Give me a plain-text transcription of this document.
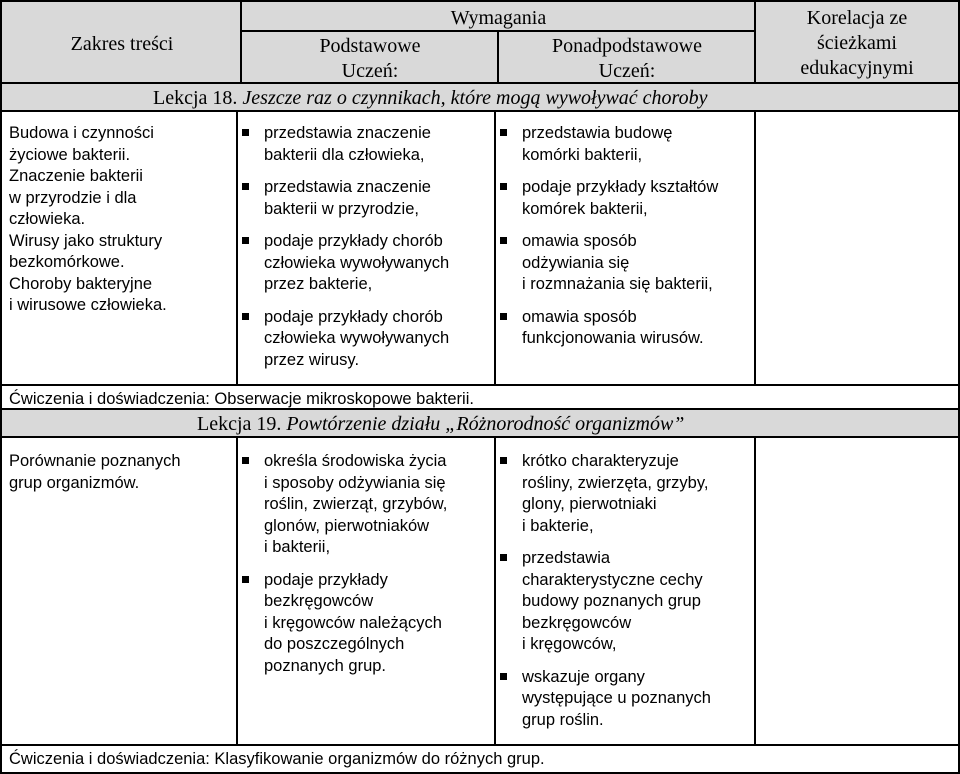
Zakres treści
Wymagania
Podstawowe
Uczeń:
Ponadpodstawowe
Uczeń:
Korelacja ze
ścieżkami
edukacyjnymi
Lekcja 18. Jeszcze raz o czynnikach, które mogą wywoływać choroby
Lekcja 19. Powtórzenie działu „Różnorodność organizmów”
Budowa i czynności
życiowe bakterii.
Znaczenie bakterii
w przyrodzie i dla
człowieka.
Wirusy jako struktury
bezkomórkowe.
Choroby bakteryjne
i wirusowe człowieka.
przedstawia znaczenie
bakterii dla człowieka,
przedstawia znaczenie
bakterii w przyrodzie,
podaje przykłady chorób
człowieka wywoływanych
przez bakterie,
podaje przykłady chorób
człowieka wywoływanych
przez wirusy.
przedstawia budowę
komórki bakterii,
podaje przykłady kształtów
komórek bakterii,
omawia sposób
odżywiania się
i rozmnażania się bakterii,
omawia sposób
funkcjonowania wirusów.
Ćwiczenia i doświadczenia: Obserwacje mikroskopowe bakterii.
Porównanie poznanych
grup organizmów.
określa środowiska życia
i sposoby odżywiania się
roślin, zwierząt, grzybów,
glonów, pierwotniaków
i bakterii,
podaje przykłady
bezkręgowców
i kręgowców należących
do poszczególnych
poznanych grup.
krótko charakteryzuje
rośliny, zwierzęta, grzyby,
glony, pierwotniaki
i bakterie,
przedstawia
charakterystyczne cechy
budowy poznanych grup
bezkręgowców
i kręgowców,
wskazuje organy
występujące u poznanych
grup roślin.
Ćwiczenia i doświadczenia: Klasyfikowanie organizmów do różnych grup.
